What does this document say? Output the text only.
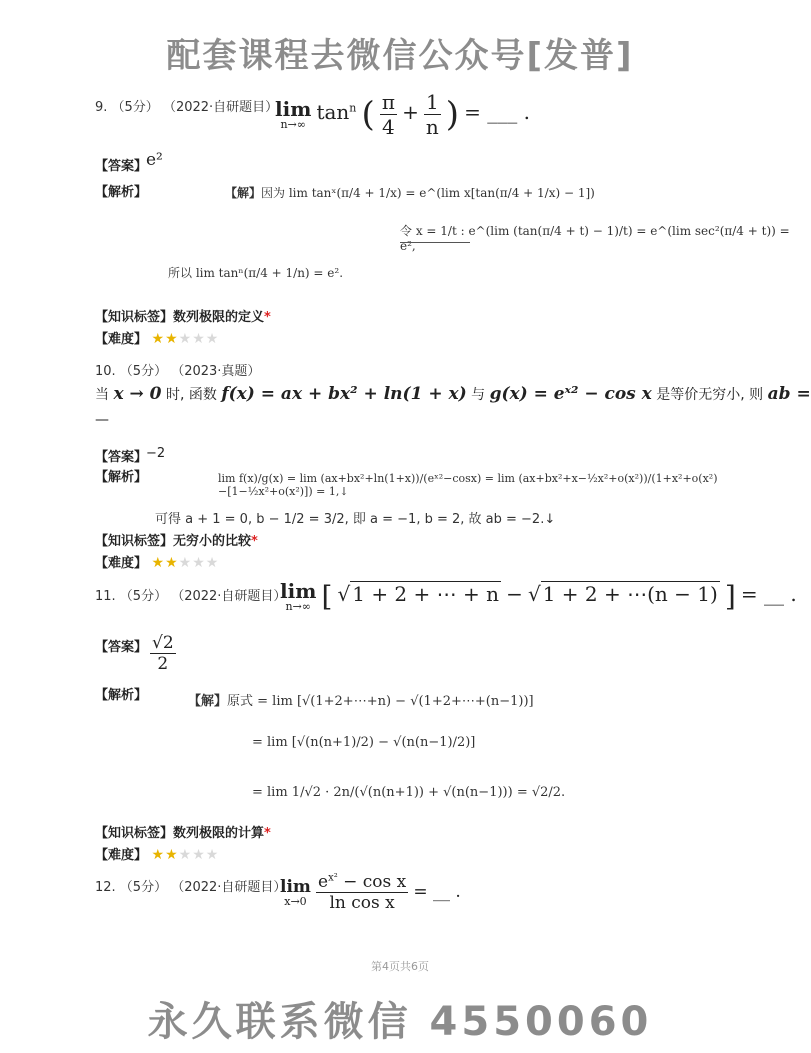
配套课程去微信公众号[发普]
9. （5分） （2022·自研题目）
lim
n→∞
$\tan^n$ ( $\frac{\pi}{4} + \frac{1}{n}$ ) = ___ .
【答案】
e²
【解析】	【解】因为 lim tanˣ(π/4 + 1/x) = e^(lim x[tan(π/4 + 1/x) − 1])
令 x = 1/t : e^(lim (tan(π/4 + t) − 1)/t) = e^(lim sec²(π/4 + t)) = e²,
所以 lim tanⁿ(π/4 + 1/n) = e².
【知识标签】数列极限的定义*
【难度】 ★★★★★
10. （5分） （2023·真题）
当 x → 0 时, 函数 f(x) = ax + bx² + ln(1 + x) 与 g(x) = eˣ² − cos x 是等价无穷小, 则 ab =
—
【答案】
−2
【解析】	lim f(x)/g(x) = lim (ax+bx²+ln(1+x))/(eˣ²−cosx) = lim (ax+bx²+x−½x²+o(x²))/(1+x²+o(x²)−[1−½x²+o(x²)]) = 1,↓
可得 a + 1 = 0, b − 1/2 = 3/2, 即 a = −1, b = 2, 故 ab = −2.↓
【知识标签】无穷小的比较*
【难度】 ★★★★★
11. （5分） （2022·自研题目）
lim
n→∞ [ √ 1 + 2 + ⋯ + n − √ 1 + 2 + ⋯(n − 1) ] = __ .
【答案】 $\frac{√2}{2}$
【解析】	【解】原式 = lim [√(1+2+⋯+n) − √(1+2+⋯+(n−1))]
= lim [√(n(n+1)/2) − √(n(n−1)/2)]
= lim 1/√2 · 2n/(√(n(n+1)) + √(n(n−1))) = √2/2.
【知识标签】数列极限的计算*
【难度】 ★★★★★
12. （5分） （2022·自研题目）
lim
x→0
$\frac{e^{x^2} - \cos x}{\text{ln cos x}}$ = __ .
第4页共6页
永久联系微信 4550060
